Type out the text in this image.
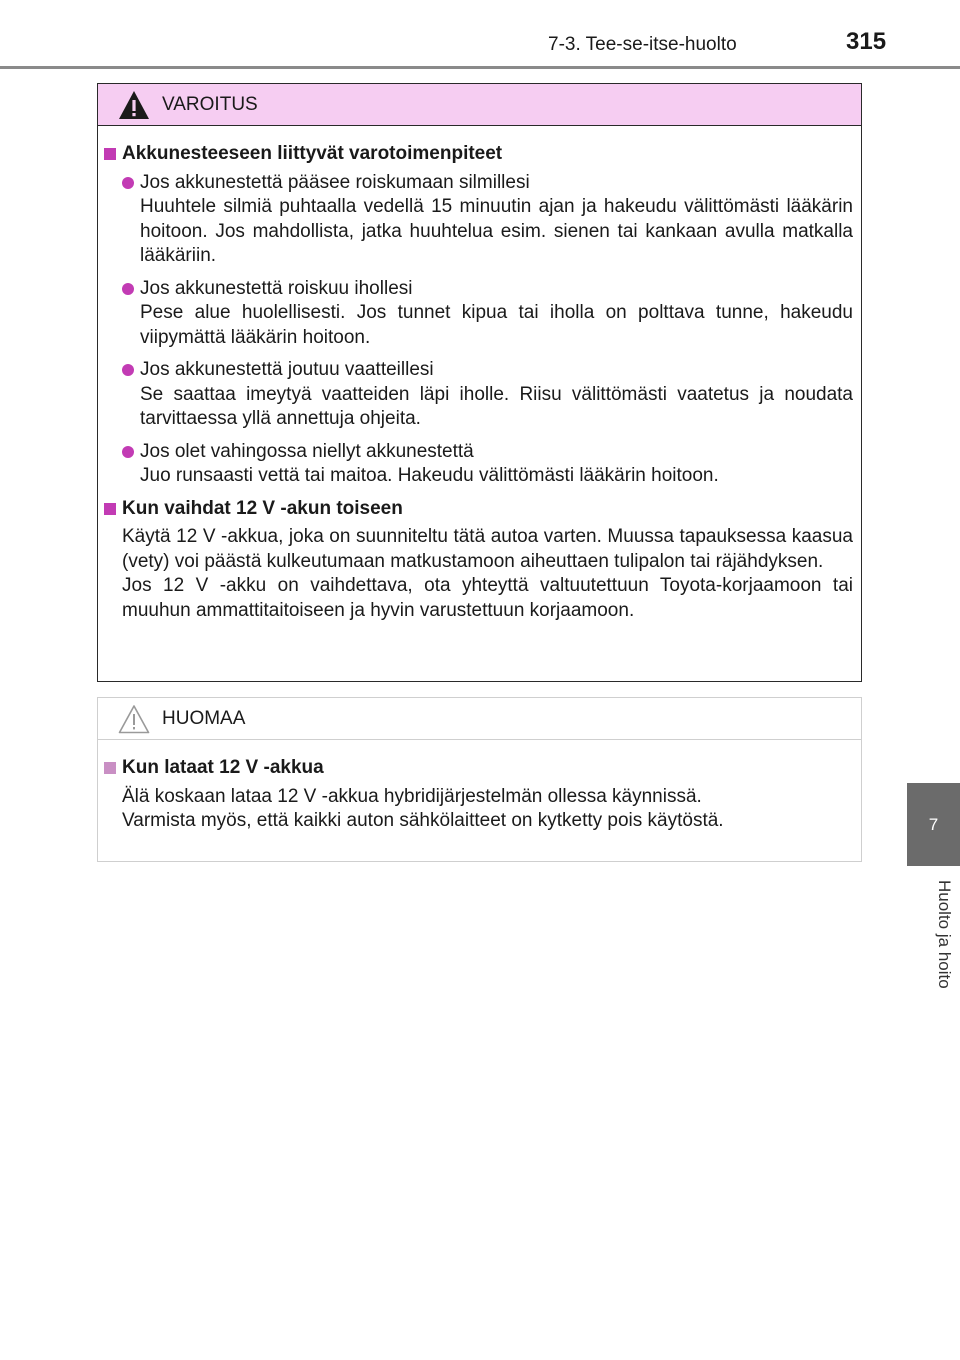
7-3. Tee-se-itse-huolto	315
7
Huolto ja hoito
VAROITUS
Akkunesteeseen liittyvät varotoimenpiteet
Jos akkunestettä pääsee roiskumaan silmillesi
Huuhtele silmiä puhtaalla vedellä 15 minuutin ajan ja hakeudu välittömästi lääkärin hoitoon. Jos mahdollista, jatka huuhtelua esim. sienen tai kankaan avulla matkalla lääkäriin.
Jos akkunestettä roiskuu ihollesi
Pese alue huolellisesti. Jos tunnet kipua tai iholla on polttava tunne, hakeudu viipymättä lääkärin hoitoon.
Jos akkunestettä joutuu vaatteillesi
Se saattaa imeytyä vaatteiden läpi iholle. Riisu välittömästi vaatetus ja noudata tarvittaessa yllä annettuja ohjeita.
Jos olet vahingossa niellyt akkunestettä
Juo runsaasti vettä tai maitoa. Hakeudu välittömästi lääkärin hoitoon.
Kun vaihdat 12 V -akun toiseen
Käytä 12 V -akkua, joka on suunniteltu tätä autoa varten. Muussa tapauksessa kaasua (vety) voi päästä kulkeutumaan matkustamoon aiheuttaen tulipalon tai räjähdyksen.
Jos 12 V -akku on vaihdettava, ota yhteyttä valtuutettuun Toyota-korjaamoon tai muuhun ammattitaitoiseen ja hyvin varustettuun korjaamoon.
HUOMAA
Kun lataat 12 V -akkua
Älä koskaan lataa 12 V -akkua hybridijärjestelmän ollessa käynnissä.
Varmista myös, että kaikki auton sähkölaitteet on kytketty pois käytöstä.
